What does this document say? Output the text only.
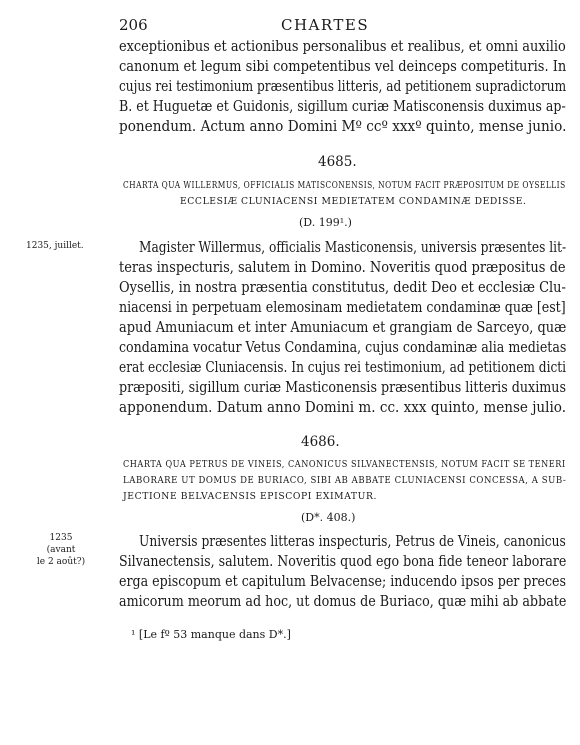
206	CHARTES
exceptionibus et actionibus personalibus et realibus, et omni auxilio
canonum et legum sibi competentibus vel deinceps competituris. In
cujus rei testimonium præsentibus litteris, ad petitionem supradictorum
B. et Huguetæ et Guidonis, sigillum curiæ Matisconensis duximus ap-
ponendum. Actum anno Domini Mº ccº xxxº quinto, mense junio.
4685.
CHARTA QUA WILLERMUS, OFFICIALIS MATISCONENSIS, NOTUM FACIT PRÆPOSITUM DE OYSELLIS
ECCLESIÆ CLUNIACENSI MEDIETATEM CONDAMINÆ DEDISSE.
(D. 199¹.)
1235, juillet.	Magister Willermus, officialis Masticonensis, universis præsentes lit-
teras inspecturis, salutem in Domino. Noveritis quod præpositus de
Oysellis, in nostra præsentia constitutus, dedit Deo et ecclesiæ Clu-
niacensi in perpetuam elemosinam medietatem condaminæ quæ [est]
apud Amuniacum et inter Amuniacum et grangiam de Sarceyo, quæ
condamina vocatur Vetus Condamina, cujus condaminæ alia medietas
erat ecclesiæ Cluniacensis. In cujus rei testimonium, ad petitionem dicti
præpositi, sigillum curiæ Masticonensis præsentibus litteris duximus
apponendum. Datum anno Domini m. cc. xxx quinto, mense julio.
4686.
CHARTA QUA PETRUS DE VINEIS, CANONICUS SILVANECTENSIS, NOTUM FACIT SE TENERI
LABORARE UT DOMUS DE BURIACO, SIBI AB ABBATE CLUNIACENSI CONCESSA, A SUB-
JECTIONE BELVACENSIS EPISCOPI EXIMATUR.
(D*. 408.)
1235
(avant
le 2 août?)
Universis præsentes litteras inspecturis, Petrus de Vineis, canonicus
Silvanectensis, salutem. Noveritis quod ego bona fide teneor laborare
erga episcopum et capitulum Belvacense; inducendo ipsos per preces
amicorum meorum ad hoc, ut domus de Buriaco, quæ mihi ab abbate
¹ [Le fº 53 manque dans D*.]
